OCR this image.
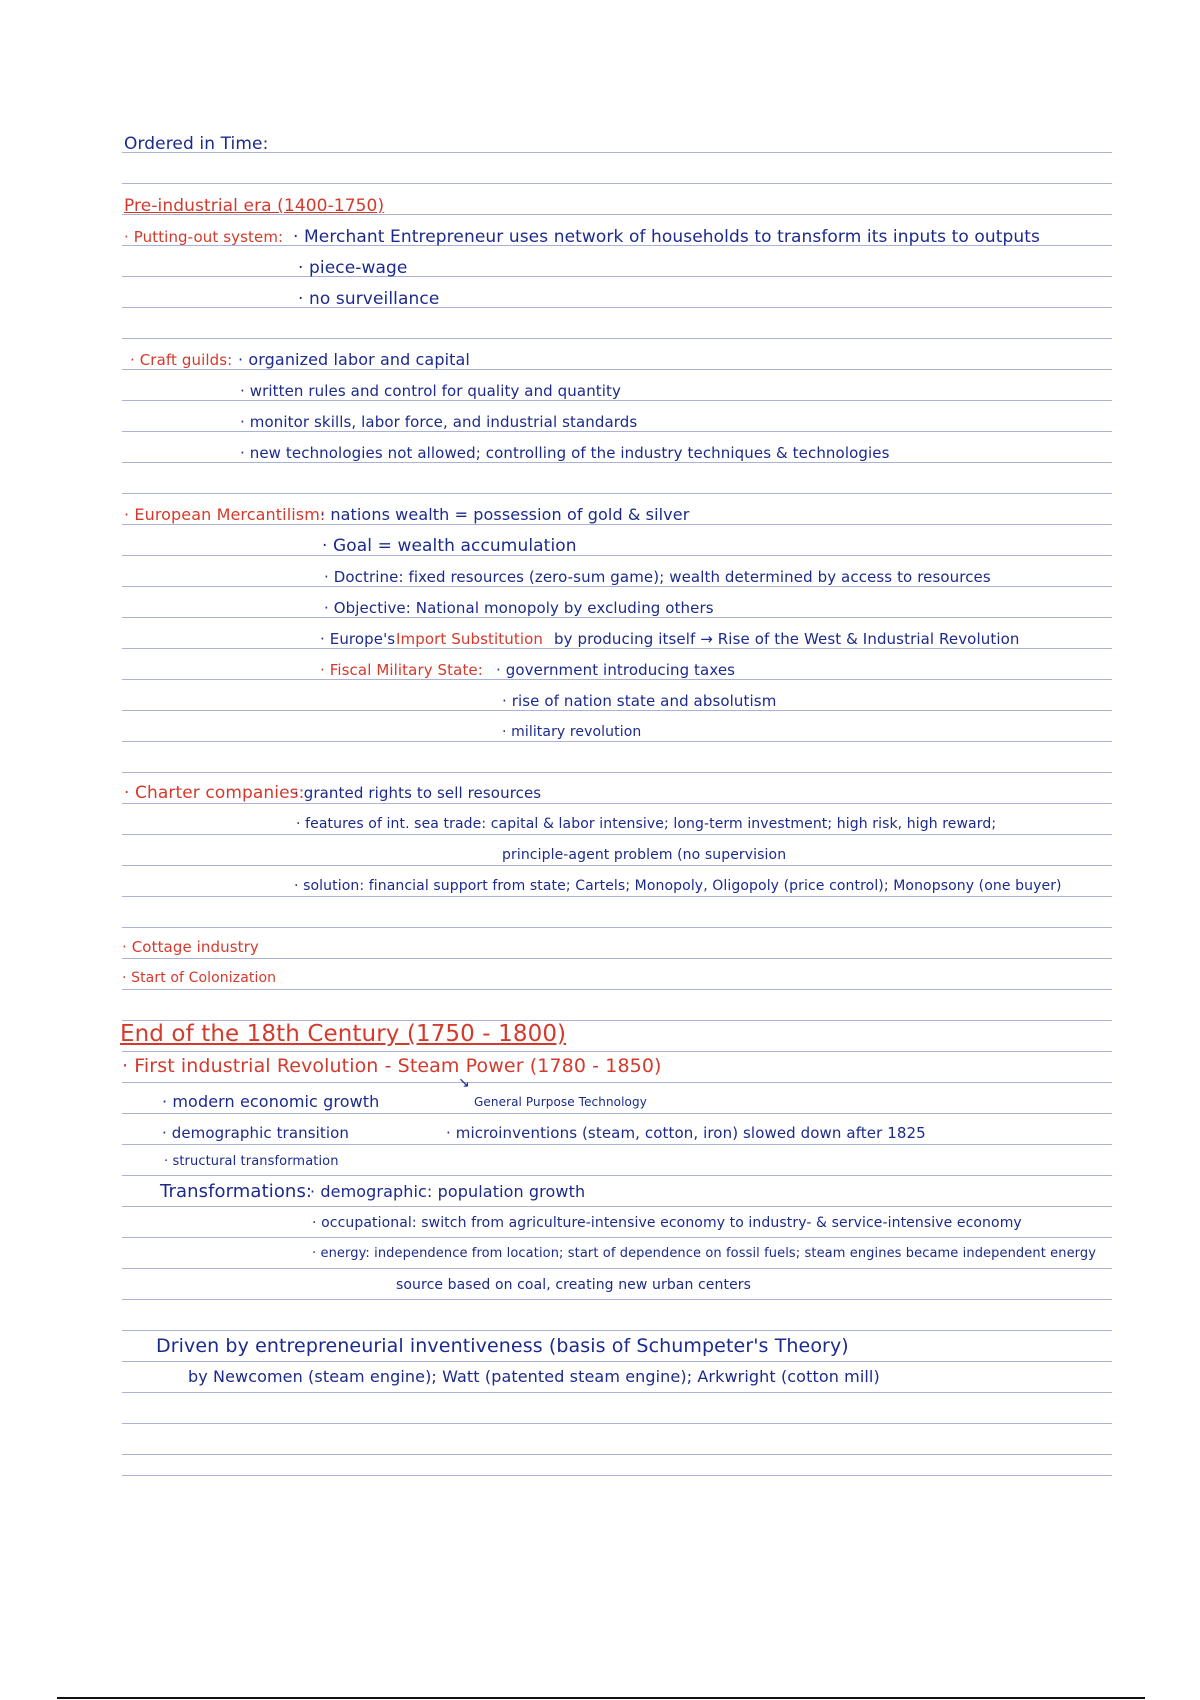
Ordered in Time:
Pre-industrial era (1400-1750)
· Putting-out system: · Merchant Entrepreneur uses network of households to transform its inputs to outputs
· piece-wage
· no surveillance
· Craft guilds: · organized labor and capital
· written rules and control for quality and quantity
· monitor skills, labor force, and industrial standards
· new technologies not allowed; controlling of the industry techniques & technologies
· European Mercantilism:
· nations wealth = possession of gold & silver
· Goal = wealth accumulation
· Doctrine: fixed resources (zero-sum game); wealth determined by access to resources
· Objective: National monopoly by excluding others
· Europe's Import Substitution by producing itself → Rise of the West & Industrial Revolution
· Fiscal Military State: · government introducing taxes
· rise of nation state and absolutism
· military revolution
· Charter companies:
· granted rights to sell resources
· features of int. sea trade: capital & labor intensive; long-term investment; high risk, high reward;
principle-agent problem (no supervision
· solution: financial support from state; Cartels; Monopoly, Oligopoly (price control); Monopsony (one buyer)
· Cottage industry
· Start of Colonization
End of the 18th Century (1750 - 1800)
· First industrial Revolution - Steam Power (1780 - 1850)
↘
General Purpose Technology
· modern economic growth
· demographic transition	· microinventions (steam, cotton, iron) slowed down after 1825
· structural transformation
Transformations:
· demographic: population growth
· occupational: switch from agriculture-intensive economy to industry- & service-intensive economy
· energy: independence from location; start of dependence on fossil fuels; steam engines became independent energy
source based on coal, creating new urban centers
Driven by entrepreneurial inventiveness (basis of Schumpeter's Theory)
by Newcomen (steam engine); Watt (patented steam engine); Arkwright (cotton mill)
